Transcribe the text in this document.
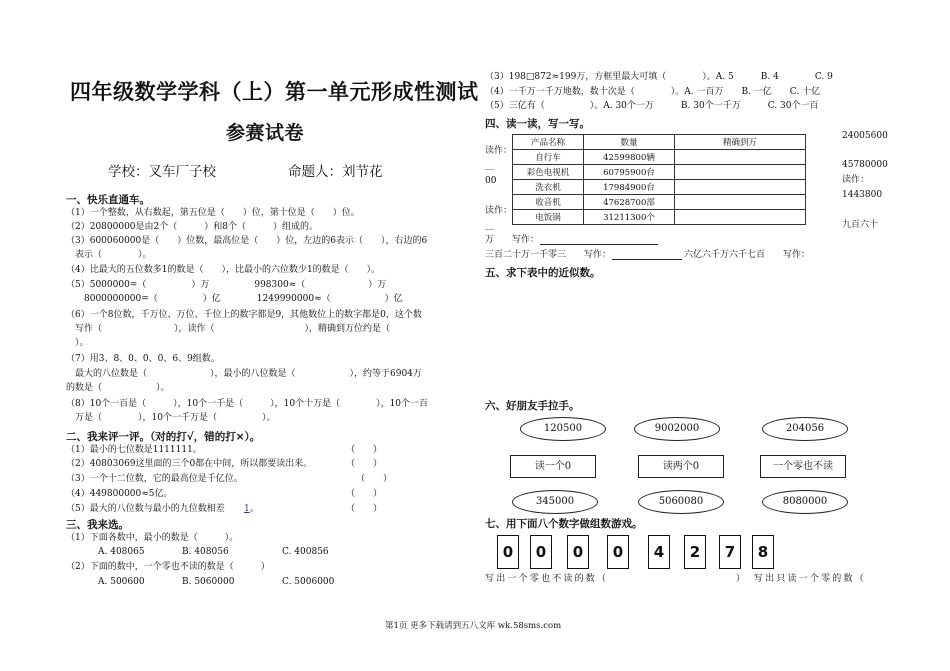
四年级数学学科（上）第一单元形成性测试
参赛试卷
学校：叉车厂子校	命题人：刘节花
一、快乐直通车。
（1）一个整数，从右数起，第五位是（　　）位，第十位是（　　）位。
（2）20800000是由2个（　　　）和8个（　　　）组成的。
（3）600060000是（　　）位数，最高位是（　　）位，左边的6表示（　　），右边的6
　表示（　　　　）。
（4）比最大的五位数多1的数是（　　），比最小的六位数少1的数是（　　）。
（5）5000000=（　　　　　）万　　　　　998300≈（　　　　　　　）万
　　8000000000=（　　　　　）亿　　　　1249990000≈（　　　　　　）亿
（6）一个8位数，千万位、万位、千位上的数字都是9，其他数位上的数字都是0，这个数
　写作（　　　　　　　　），读作（　　　　　　　　　　），精确到万位约是（
　）。
（7）用3、8、0、0、0、6、9组数。
　最大的八位数是（　　　　　　　），最小的八位数是（　　　　　　），约等于6904万
的数是（　　　　　　）。
（8）10个一百是（　　　），10个一千是（　　　），10个十万是（　　　　），10个一百
　万是（　　　　），10个一千万是（　　　　　）。
二、我来评一评。（对的打√，错的打×）。
（1）最小的七位数是1111111。	（　　）
（2）40803069这里面的三个0都在中间，所以都要读出来。	（　　）
（3）一个十二位数，它的最高位是千亿位。	（　　）
（4）449800000≈5亿。	（　　）
（5）最大的八位数与最小的九位数相差	（　　）
1 。
三、我来选。
（1）下面各数中，最小的数是（　　　）。
A. 408065	B. 408056	C. 400856
（2）下面的数中，一个零也不读的数是（　　　）
A. 500600	B. 5060000	C. 5006000
（3）198□872≈199万，方框里最大可填（　　　　）。A. 5　　　B. 4　　　　C. 9
（4）一千万一千万地数，数十次是（　　　　）。A. 一百万　　B. 一亿　　C. 十亿
（5）三亿有（　　　　　）。A. 30个一万　　　B. 30个一千万　　　C. 30个一百
四、读一读，写一写。
读作：
＿
00
读作：
＿
产品名称	数量	精确到万
自行车	42599800辆	
彩色电视机	60795900台	
洗衣机	17984900台	
收音机	47628700部	
电饭锅	31211300个	
24005600
45780000
读作：
1443800
九百六十
万　　写作：
三百二十万一千零三　　写作：	六亿六千万六千七百　　写作：
五、求下表中的近似数。
六、好朋友手拉手。
120500	9002000	204056
读一个0	读两个0	一个零也不读
345000	5060080	8080000
七、用下面八个数字做组数游戏。
0	0	0	0	4	2	7	8
写出一个零也不读的数（	）　写出只读一个零的数（
第1页 更多下载请到五八文库 wk.58sms.com
